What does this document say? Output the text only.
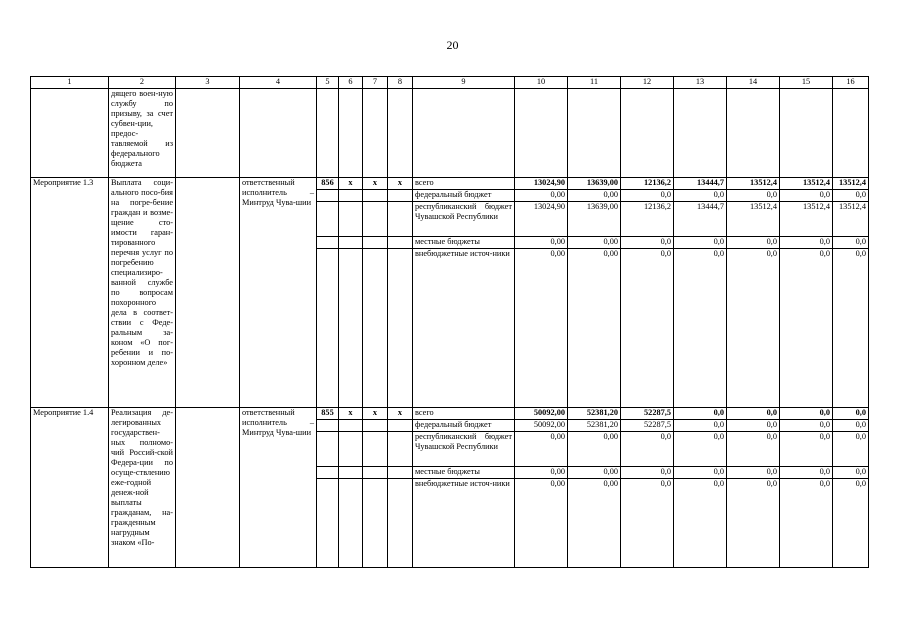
20
1	2	3	4	5	6	7	8	9	10	11	12	13	14	15	16
	дящего воен-ную службу по призыву, за счет субвен-ции, предос-тавляемой из федерального бюджета														
Мероприятие 1.3	Выплата соци-ального посо-бия на погре-бение граждан и возме-щение сто-имости гаран-тированного перечня услуг по погребению специализиро-ванной службе по вопросам похоронного дела в соответ-ствии с Феде-ральным за-коном «О пог-ребении и по-хоронном деле»		ответственный исполнитель – Минтруд Чува-шии	856	х	х	х	всего	13024,90	13639,00	12136,2	13444,7	13512,4	13512,4	13512,4
								федеральный бюджет	0,00	0,00	0,0	0,0	0,0	0,0	0,0
								республиканский бюджет Чувашской Республики	13024,90	13639,00	12136,2	13444,7	13512,4	13512,4	13512,4
								местные бюджеты	0,00	0,00	0,0	0,0	0,0	0,0	0,0
								внебюджетные источ-ники	0,00	0,00	0,0	0,0	0,0	0,0	0,0
Мероприятие 1.4	Реализация де-легированных государствен-ных полномо-чий Россий-ской Федера-ции по осуще-ствлению еже-годной денеж-ной выплаты гражданам, на-гражденным нагрудным знаком «По-		ответственный исполнитель – Минтруд Чува-шии	855	х	х	х	всего	50092,00	52381,20	52287,5	0,0	0,0	0,0	0,0
								федеральный бюджет	50092,00	52381,20	52287,5	0,0	0,0	0,0	0,0
								республиканский бюджет Чувашской Республики	0,00	0,00	0,0	0,0	0,0	0,0	0,0
								местные бюджеты	0,00	0,00	0,0	0,0	0,0	0,0	0,0
								внебюджетные источ-ники	0,00	0,00	0,0	0,0	0,0	0,0	0,0
